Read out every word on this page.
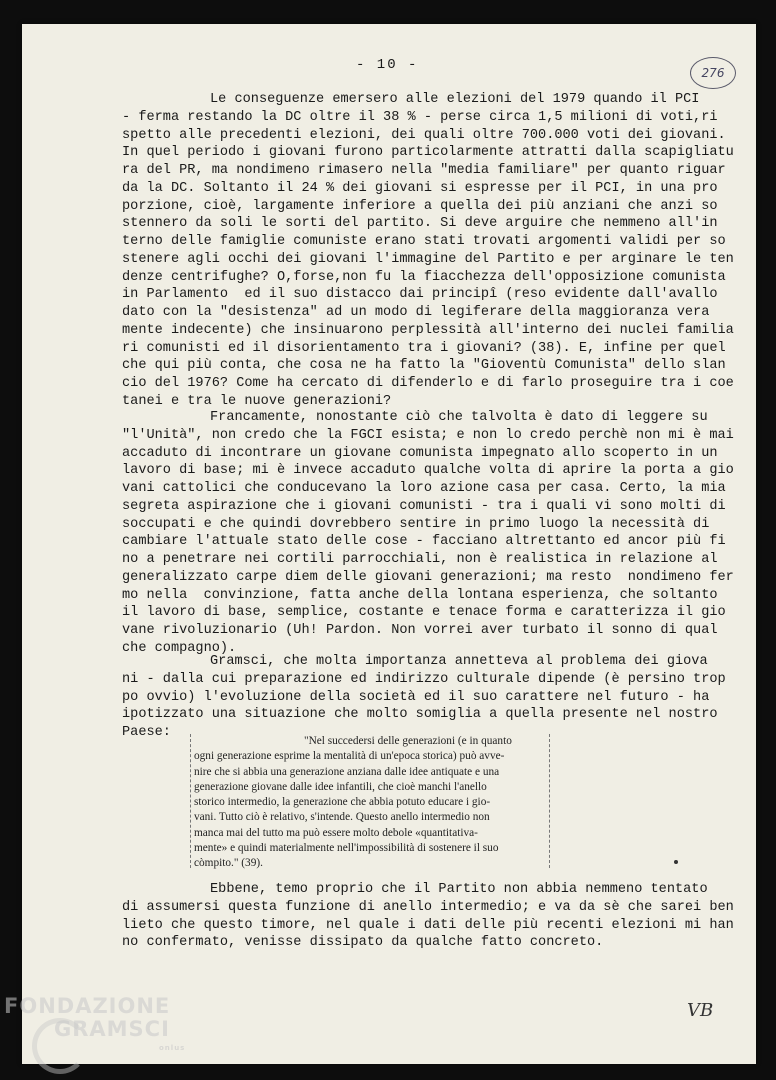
- 10 -	276
Le conseguenze emersero alle elezioni del 1979 quando il PCI
- ferma restando la DC oltre il 38 % - perse circa 1,5 milioni di voti,ri
spetto alle precedenti elezioni, dei quali oltre 700.000 voti dei giovani.
In quel periodo i giovani furono particolarmente attratti dalla scapigliatu
ra del PR, ma nondimeno rimasero nella "media familiare" per quanto riguar
da la DC. Soltanto il 24 % dei giovani si espresse per il PCI, in una pro
porzione, cioè, largamente inferiore a quella dei più anziani che anzi so
stennero da soli le sorti del partito. Si deve arguire che nemmeno all'in
terno delle famiglie comuniste erano stati trovati argomenti validi per so
stenere agli occhi dei giovani l'immagine del Partito e per arginare le ten
denze centrifughe? O,forse,non fu la fiacchezza dell'opposizione comunista
in Parlamento  ed il suo distacco dai principî (reso evidente dall'avallo
dato con la "desistenza" ad un modo di legiferare della maggioranza vera
mente indecente) che insinuarono perplessità all'interno dei nuclei familia
ri comunisti ed il disorientamento tra i giovani? (38). E, infine per quel
che qui più conta, che cosa ne ha fatto la "Gioventù Comunista" dello slan
cio del 1976? Come ha cercato di difenderlo e di farlo proseguire tra i coe
tanei e tra le nuove generazioni?
Francamente, nonostante ciò che talvolta è dato di leggere su
"l'Unità", non credo che la FGCI esista; e non lo credo perchè non mi è mai
accaduto di incontrare un giovane comunista impegnato allo scoperto in un
lavoro di base; mi è invece accaduto qualche volta di aprire la porta a gio
vani cattolici che conducevano la loro azione casa per casa. Certo, la mia
segreta aspirazione che i giovani comunisti - tra i quali vi sono molti di
soccupati e che quindi dovrebbero sentire in primo luogo la necessità di
cambiare l'attuale stato delle cose - facciano altrettanto ed ancor più fi
no a penetrare nei cortili parrocchiali, non è realistica in relazione al
generalizzato carpe diem delle giovani generazioni; ma resto  nondimeno fer
mo nella  convinzione, fatta anche della lontana esperienza, che soltanto
il lavoro di base, semplice, costante e tenace forma e caratterizza il gio
vane rivoluzionario (Uh! Pardon. Non vorrei aver turbato il sonno di qual
che compagno).
Gramsci, che molta importanza annetteva al problema dei giova
ni - dalla cui preparazione ed indirizzo culturale dipende (è persino trop
po ovvio) l'evoluzione della società ed il suo carattere nel futuro - ha
ipotizzato una situazione che molto somiglia a quella presente nel nostro
Paese:
"Nel succedersi delle generazioni (e in quanto
ogni generazione esprime la mentalità di un'epoca storica) può avve-
nire che si abbia una generazione anziana dalle idee antiquate e una
generazione giovane dalle idee infantili, che cioè manchi l'anello
storico intermedio, la generazione che abbia potuto educare i gio-
vani. Tutto ciò è relativo, s'intende. Questo anello intermedio non
manca mai del tutto ma può essere molto debole «quantitativa-
mente» e quindi materialmente nell'impossibilità di sostenere il suo
còmpito." (39).
Ebbene, temo proprio che il Partito non abbia nemmeno tentato
di assumersi questa funzione di anello intermedio; e va da sè che sarei ben
lieto che questo timore, nel quale i dati delle più recenti elezioni mi han
no confermato, venisse dissipato da qualche fatto concreto.
VB
FONDAZIONE
GRAMSCI
onlus
